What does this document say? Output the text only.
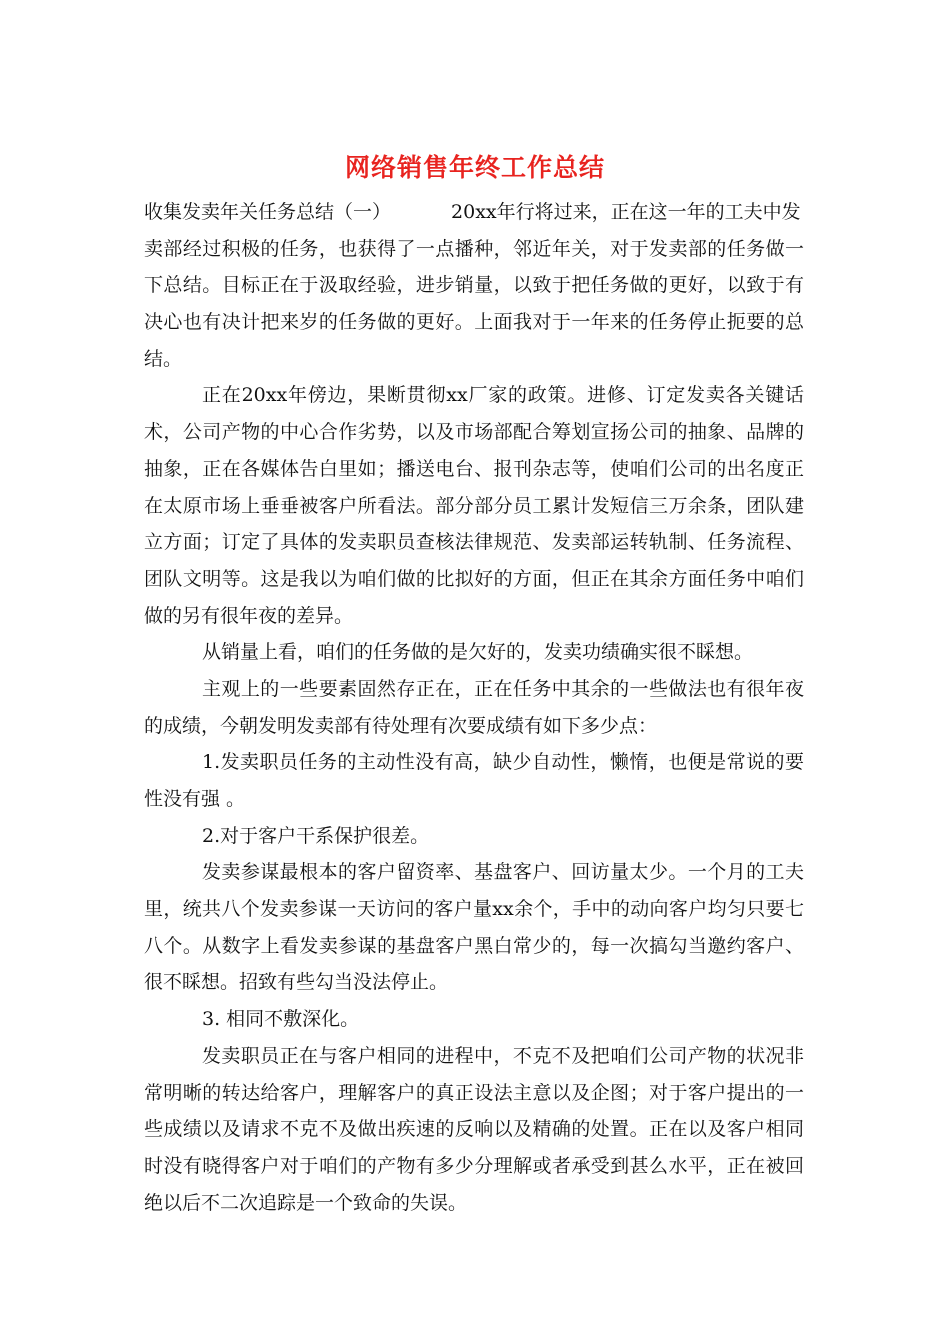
网络销售年终工作总结
收集发卖年关任务总结（一）	20xx年行将过来，正在这一年的工夫中发
卖部经过积极的任务，也获得了一点播种，邻近年关，对于发卖部的任务做一
下总结。目标正在于汲取经验，进步销量，以致于把任务做的更好，以致于有
决心也有决计把来岁的任务做的更好。上面我对于一年来的任务停止扼要的总
结。
正在20xx年傍边，果断贯彻xx厂家的政策。进修、订定发卖各关键话
术，公司产物的中心合作劣势，以及市场部配合筹划宣扬公司的抽象、品牌的
抽象，正在各媒体告白里如；播送电台、报刊杂志等，使咱们公司的出名度正
在太原市场上垂垂被客户所看法。部分部分员工累计发短信三万余条，团队建
立方面；订定了具体的发卖职员查核法律规范、发卖部运转轨制、任务流程、
团队文明等。这是我以为咱们做的比拟好的方面，但正在其余方面任务中咱们
做的另有很年夜的差异。
从销量上看，咱们的任务做的是欠好的，发卖功绩确实很不睬想。
主观上的一些要素固然存正在，正在任务中其余的一些做法也有很年夜
的成绩，今朝发明发卖部有待处理有次要成绩有如下多少点：
1.发卖职员任务的主动性没有高，缺少自动性，懒惰，也便是常说的要
性没有强 。
2.对于客户干系保护很差。
发卖参谋最根本的客户留资率、基盘客户、回访量太少。一个月的工夫
里，统共八个发卖参谋一天访问的客户量xx余个，手中的动向客户均匀只要七
八个。从数字上看发卖参谋的基盘客户黑白常少的，每一次搞勾当邀约客户、
很不睬想。招致有些勾当没法停止。
3. 相同不敷深化。
发卖职员正在与客户相同的进程中，不克不及把咱们公司产物的状况非
常明晰的转达给客户，理解客户的真正设法主意以及企图；对于客户提出的一
些成绩以及请求不克不及做出疾速的反响以及精确的处置。正在以及客户相同
时没有晓得客户对于咱们的产物有多少分理解或者承受到甚么水平，正在被回
绝以后不二次追踪是一个致命的失误。
